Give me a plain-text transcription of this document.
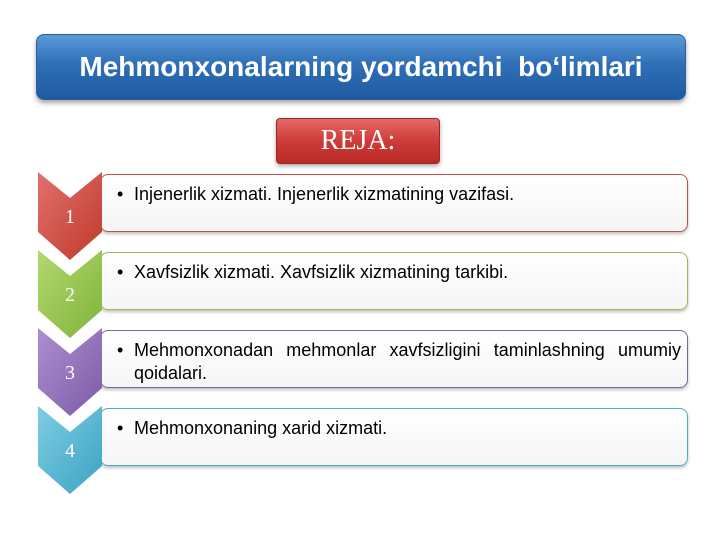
Mehmonxonalarning yordamchi  bo‘limlari
REJA:
• Injenerlik xizmati. Injenerlik xizmatining vazifasi.
1
• Xavfsizlik xizmati. Xavfsizlik xizmatining tarkibi.
2
• Mehmonxonadan mehmonlar xavfsizligini taminlashning umumiy qoidalari.
3
• Mehmonxonaning xarid xizmati.
4
